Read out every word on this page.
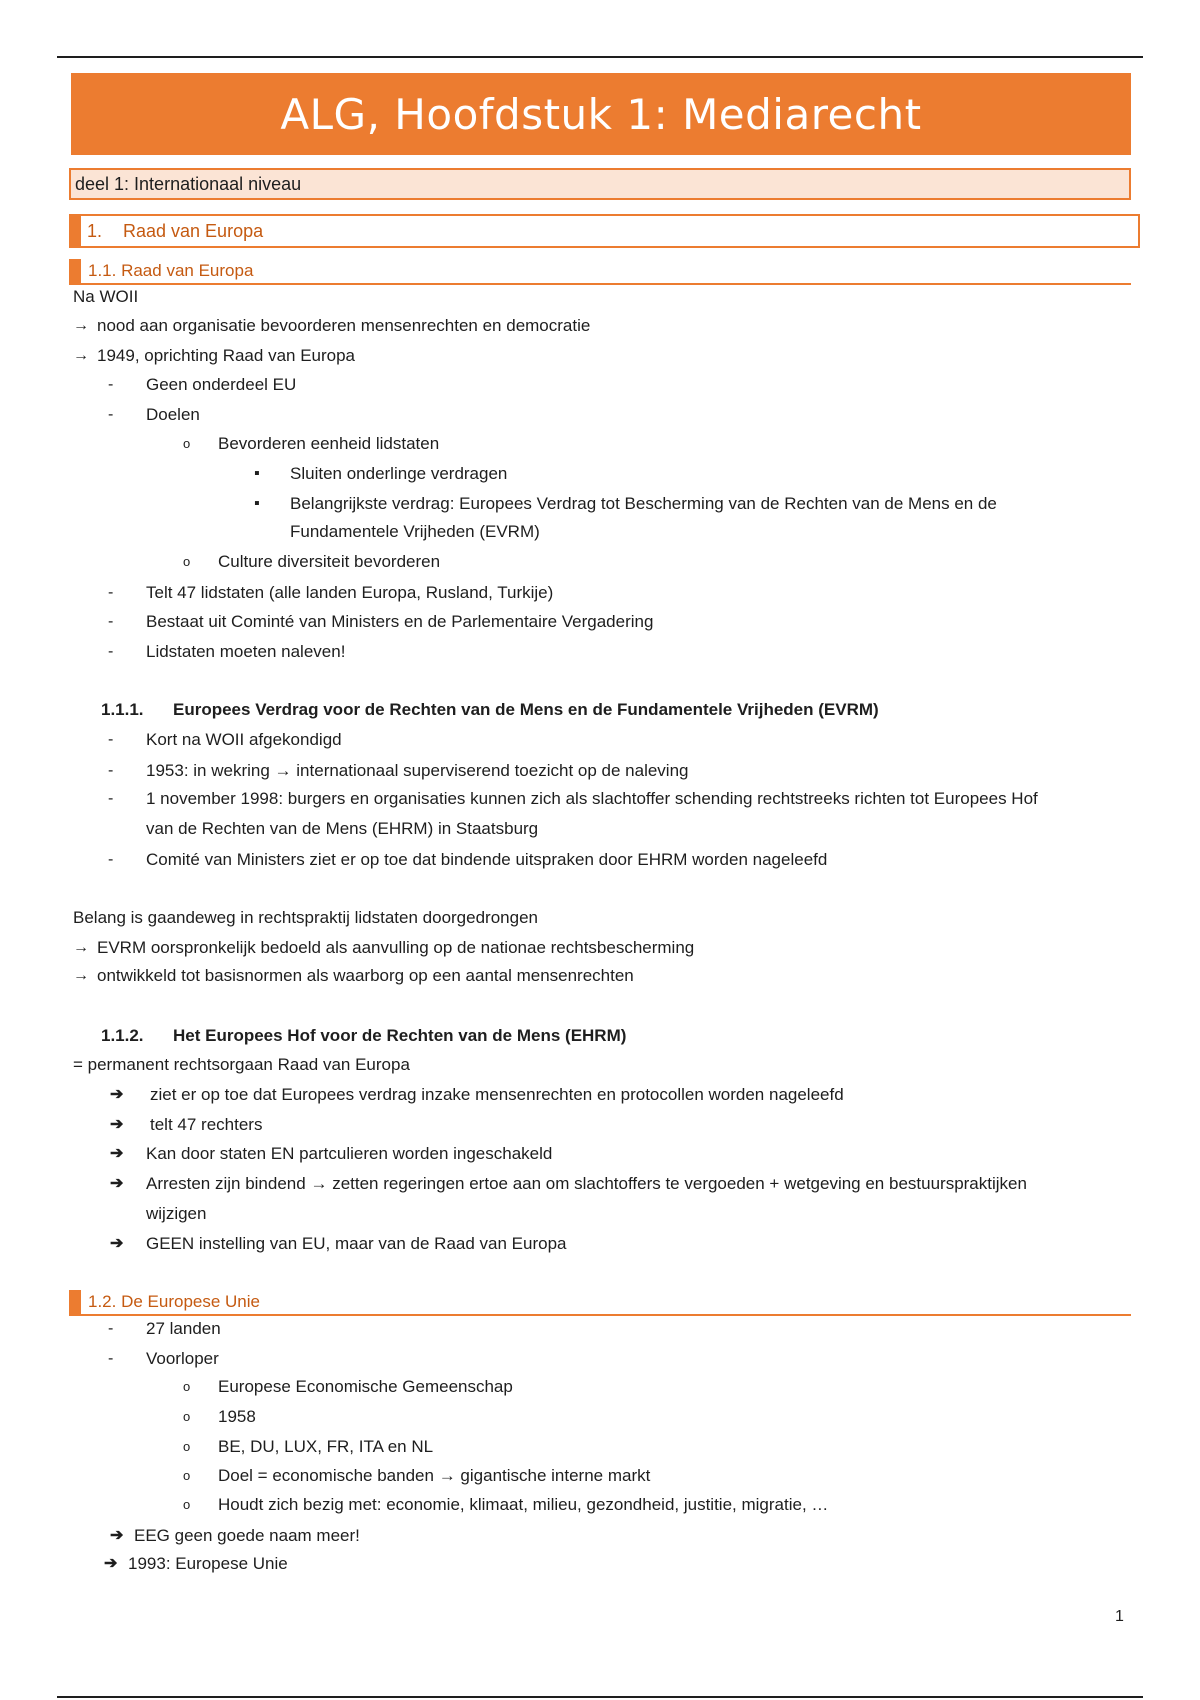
ALG, Hoofdstuk 1: Mediarecht
deel 1: Internationaal niveau
1. Raad van Europa
1.1. Raad van Europa
Na WOII
→ nood aan organisatie bevoorderen mensenrechten en democratie
→ 1949, oprichting Raad van Europa
- Geen onderdeel EU
- Doelen
o Bevorderen eenheid lidstaten
▪ Sluiten onderlinge verdragen
▪ Belangrijkste verdrag: Europees Verdrag tot Bescherming van de Rechten van de Mens en de
Fundamentele Vrijheden (EVRM)
o Culture diversiteit bevorderen
- Telt 47 lidstaten (alle landen Europa, Rusland, Turkije)
- Bestaat uit Cominté van Ministers en de Parlementaire Vergadering
- Lidstaten moeten naleven!
1.1.1. Europees Verdrag voor de Rechten van de Mens en de Fundamentele Vrijheden (EVRM)
- Kort na WOII afgekondigd
- 1953: in wekring → internationaal superviserend toezicht op de naleving
- 1 november 1998: burgers en organisaties kunnen zich als slachtoffer schending rechtstreeks richten tot Europees Hof
van de Rechten van de Mens (EHRM) in Staatsburg
- Comité van Ministers ziet er op toe dat bindende uitspraken door EHRM worden nageleefd
Belang is gaandeweg in rechtspraktij lidstaten doorgedrongen
→ EVRM oorspronkelijk bedoeld als aanvulling op de nationae rechtsbescherming
→ ontwikkeld tot basisnormen als waarborg op een aantal mensenrechten
1.1.2. Het Europees Hof voor de Rechten van de Mens (EHRM)
= permanent rechtsorgaan Raad van Europa
➔ ziet er op toe dat Europees verdrag inzake mensenrechten en protocollen worden nageleefd
➔ telt 47 rechters
➔ Kan door staten EN partculieren worden ingeschakeld
➔ Arresten zijn bindend → zetten regeringen ertoe aan om slachtoffers te vergoeden + wetgeving en bestuurspraktijken
wijzigen
➔ GEEN instelling van EU, maar van de Raad van Europa
1.2. De Europese Unie
- 27 landen
- Voorloper
o Europese Economische Gemeenschap
o 1958
o BE, DU, LUX, FR, ITA en NL
o Doel = economische banden → gigantische interne markt
o Houdt zich bezig met: economie, klimaat, milieu, gezondheid, justitie, migratie, …
➔ EEG geen goede naam meer!
➔ 1993: Europese Unie
1
